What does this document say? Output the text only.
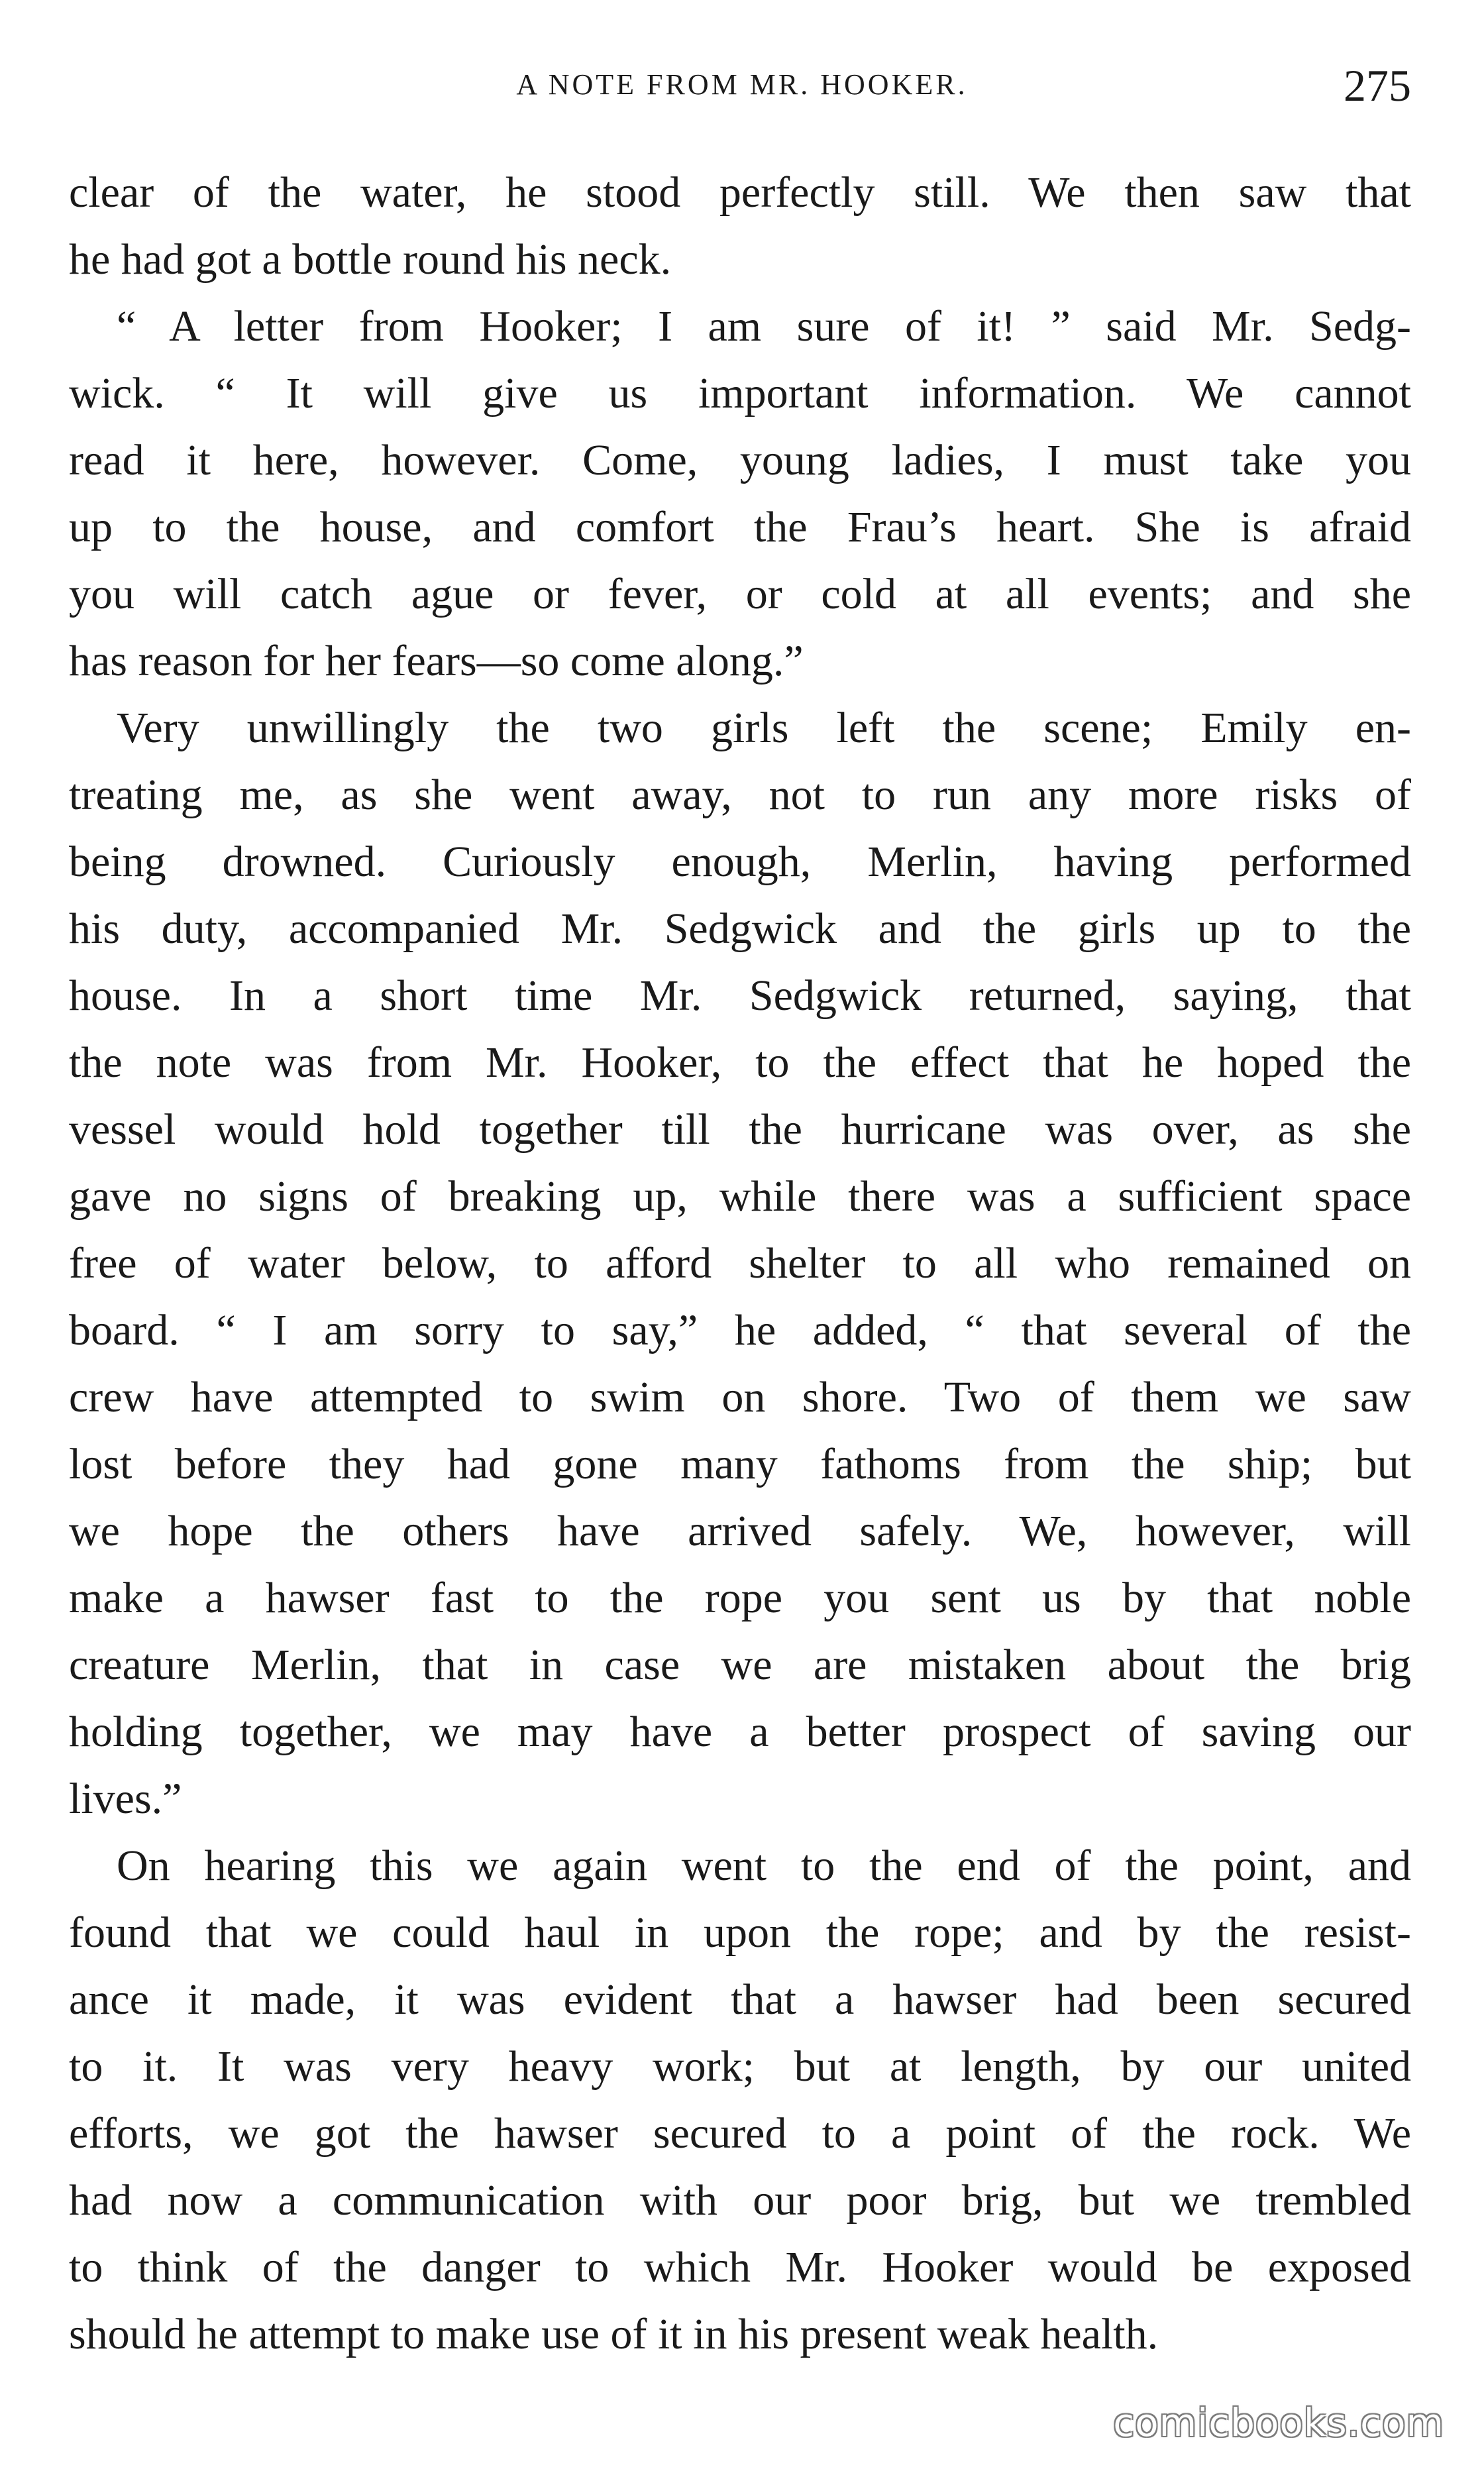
A NOTE FROM MR. HOOKER.	275
clear of the water, he stood perfectly still. We then saw that
he had got a bottle round his neck.
“ A letter from Hooker; I am sure of it! ” said Mr. Sedg-
wick. “ It will give us important information. We cannot
read it here, however. Come, young ladies, I must take you
up to the house, and comfort the Frau’s heart. She is afraid
you will catch ague or fever, or cold at all events; and she
has reason for her fears—so come along.”
Very unwillingly the two girls left the scene; Emily en-
treating me, as she went away, not to run any more risks of
being drowned. Curiously enough, Merlin, having performed
his duty, accompanied Mr. Sedgwick and the girls up to the
house. In a short time Mr. Sedgwick returned, saying, that
the note was from Mr. Hooker, to the effect that he hoped the
vessel would hold together till the hurricane was over, as she
gave no signs of breaking up, while there was a sufficient space
free of water below, to afford shelter to all who remained on
board. “ I am sorry to say,” he added, “ that several of the
crew have attempted to swim on shore. Two of them we saw
lost before they had gone many fathoms from the ship; but
we hope the others have arrived safely. We, however, will
make a hawser fast to the rope you sent us by that noble
creature Merlin, that in case we are mistaken about the brig
holding together, we may have a better prospect of saving our
lives.”
On hearing this we again went to the end of the point, and
found that we could haul in upon the rope; and by the resist-
ance it made, it was evident that a hawser had been secured
to it. It was very heavy work; but at length, by our united
efforts, we got the hawser secured to a point of the rock. We
had now a communication with our poor brig, but we trembled
to think of the danger to which Mr. Hooker would be exposed
should he attempt to make use of it in his present weak health.
comicbooks.com
